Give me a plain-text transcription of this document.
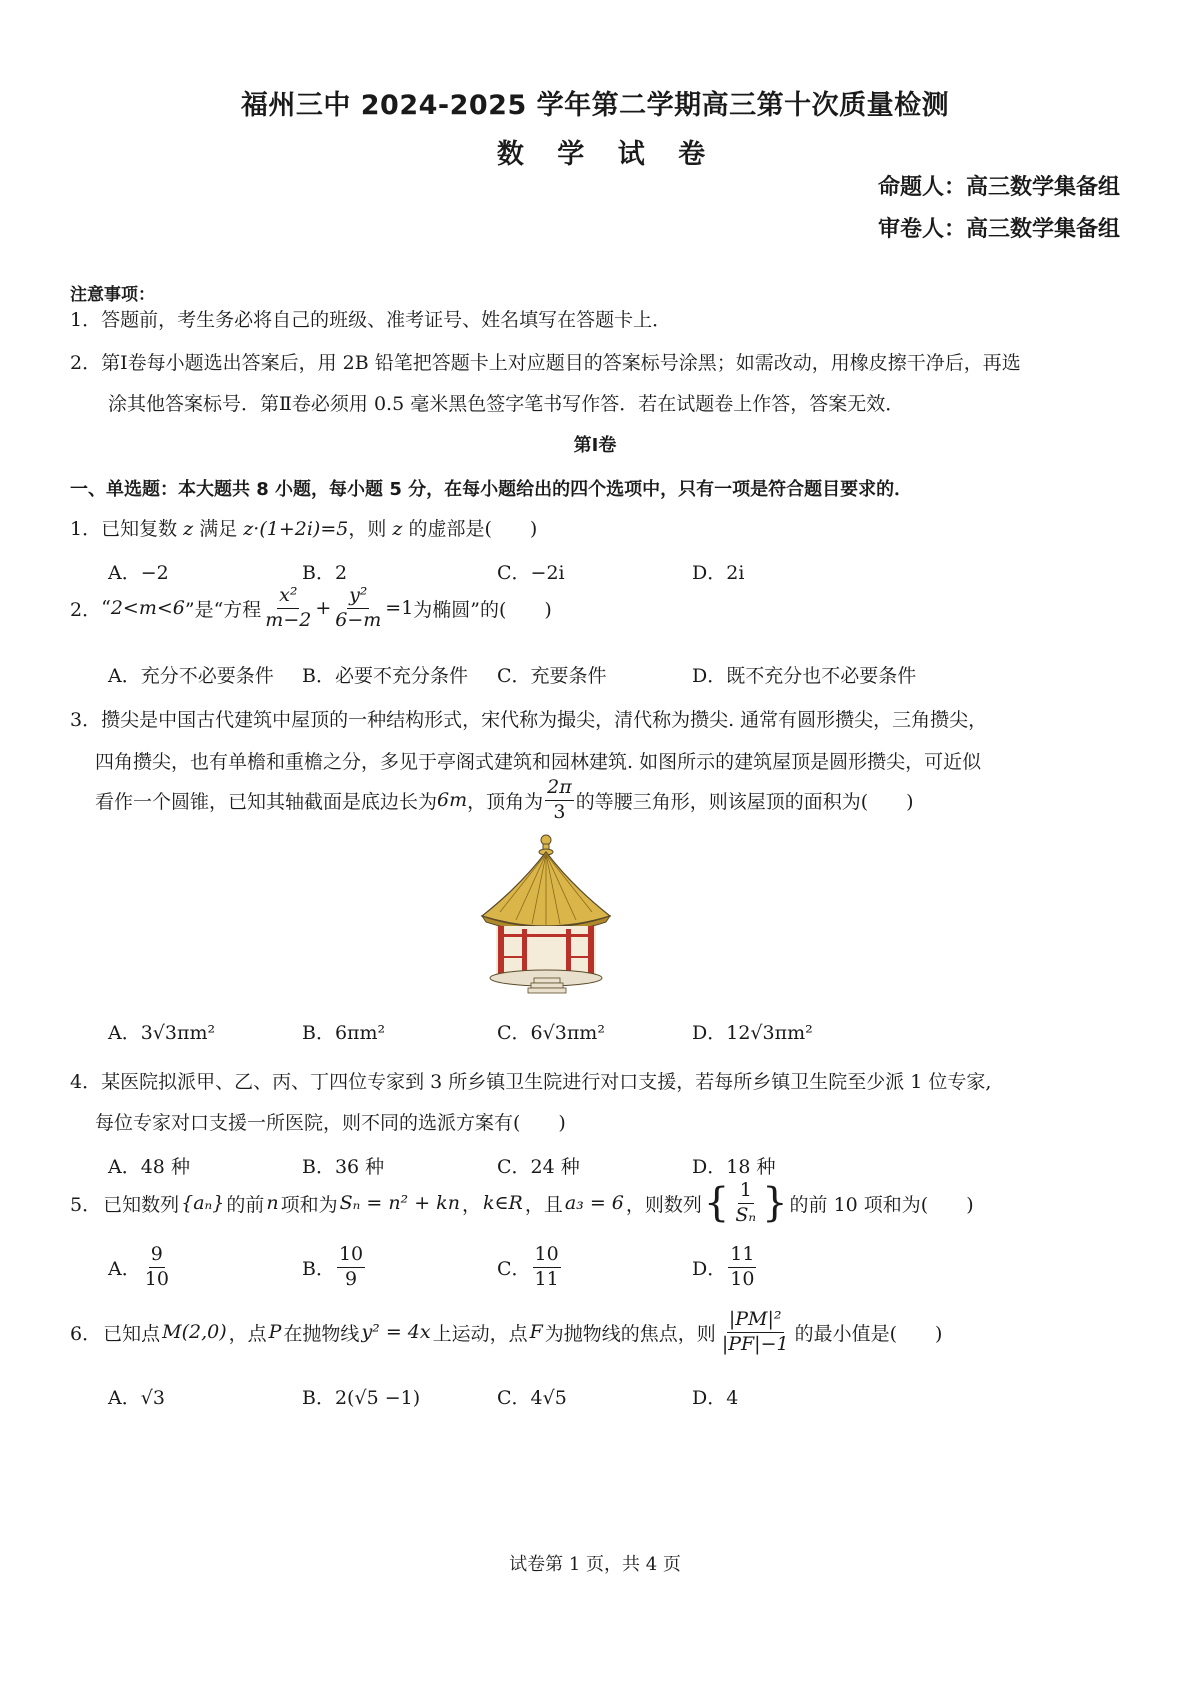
福州三中 2024-2025 学年第二学期高三第十次质量检测
数 学 试 卷
命题人：高三数学集备组
审卷人：高三数学集备组
注意事项：
1．答题前，考生务必将自己的班级、准考证号、姓名填写在答题卡上．
2．第Ⅰ卷每小题选出答案后，用 2B 铅笔把答题卡上对应题目的答案标号涂黑；如需改动，用橡皮擦干净后，再选
涂其他答案标号．第Ⅱ卷必须用 0.5 毫米黑色签字笔书写作答．若在试题卷上作答，答案无效．
第Ⅰ卷
一、单选题：本大题共 8 小题，每小题 5 分，在每小题给出的四个选项中，只有一项是符合题目要求的．
1．已知复数 z 满足 z·(1+2i)=5，则 z 的虚部是(　　)
A．−2	B．2	C．−2i	D．2i
2． “ 2<m<6 ”是“方程 $\frac{\text{x²}}{m-2} + \frac{\text{y²}}{6-m} =1$ 为椭圆”的(　　)
A．充分不必要条件 B．必要不充分条件 C．充要条件	D．既不充分也不必要条件
3．攒尖是中国古代建筑中屋顶的一种结构形式，宋代称为撮尖，清代称为攒尖. 通常有圆形攒尖，三角攒尖，
四角攒尖，也有单檐和重檐之分，多见于亭阁式建筑和园林建筑. 如图所示的建筑屋顶是圆形攒尖，可近似
看作一个圆锥，已知其轴截面是底边长为 6m ，顶角为 $\frac{2\pi}{3}$ 的等腰三角形，则该屋顶的面积为(　　)
A．3√3πm²	B．6πm²	C．6√3πm²	D．12√3πm²
4．某医院拟派甲、乙、丙、丁四位专家到 3 所乡镇卫生院进行对口支援，若每所乡镇卫生院至少派 1 位专家,
每位专家对口支援一所医院，则不同的选派方案有(　　)
A．48 种	B．36 种	C．24 种	D．18 种
5． 已知数列 {aₙ} 的前 n 项和为 Sₙ = n² + kn ， k∈R ，且 a₃ = 6 ，则数列 { $\frac{1}{\text{Sₙ}}$ } 的前 10 项和为(　　)
A． $\frac{9}{10}$	B． $\frac{10}{9}$	C． $\frac{10}{11}$	D． $\frac{11}{10}$
6． 已知点 M(2,0) ，点 P 在抛物线 y² = 4x 上运动，点 F 为抛物线的焦点，则 $\frac{\text{|PM|²}}{|PF|-1}$ 的最小值是(　　)
A．√3	B．2(√5 −1)	C．4√5	D．4
试卷第 1 页，共 4 页
